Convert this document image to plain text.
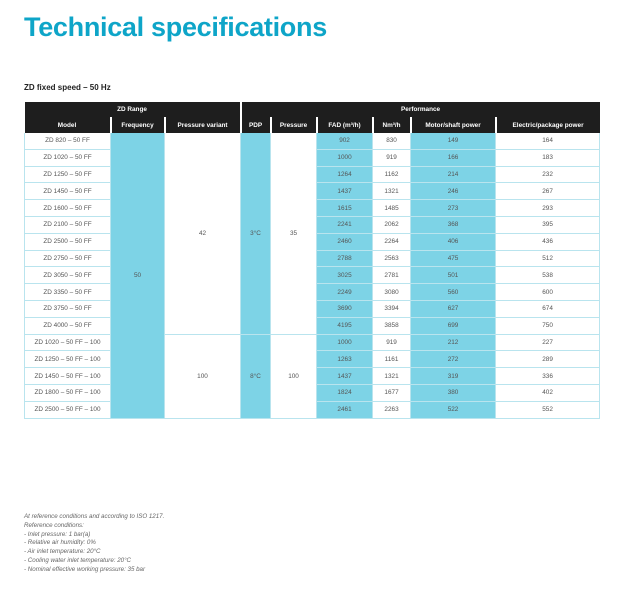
Technical specifications
ZD fixed speed – 50 Hz
ZD Range			Performance					
Model	Frequency	Pressure variant	PDP	Pressure	FAD (m³/h)	Nm³/h	Motor/shaft power	Electric/package power
ZD 820 – 50 FF	50	42	3°C	35	902	830	149	164
ZD 1020 – 50 FF					1000	919	166	183
ZD 1250 – 50 FF					1264	1162	214	232
ZD 1450 – 50 FF					1437	1321	246	267
ZD 1600 – 50 FF					1615	1485	273	293
ZD 2100 – 50 FF					2241	2062	368	395
ZD 2500 – 50 FF					2460	2264	406	436
ZD 2750 – 50 FF					2788	2563	475	512
ZD 3050 – 50 FF					3025	2781	501	538
ZD 3350 – 50 FF					2249	3080	560	600
ZD 3750 – 50 FF					3690	3394	627	674
ZD 4000 – 50 FF					4195	3858	699	750
ZD 1020 – 50 FF – 100		100	8°C	100	1000	919	212	227
ZD 1250 – 50 FF – 100					1263	1161	272	289
ZD 1450 – 50 FF – 100					1437	1321	319	336
ZD 1800 – 50 FF – 100					1824	1677	380	402
ZD 2500 – 50 FF – 100					2461	2263	522	552
At reference conditions and according to ISO 1217.
Reference conditions:
- Inlet pressure: 1 bar(a)
- Relative air humidity: 0%
- Air inlet temperature: 20°C
- Cooling water inlet temperature: 20°C
- Nominal effective working pressure: 35 bar
